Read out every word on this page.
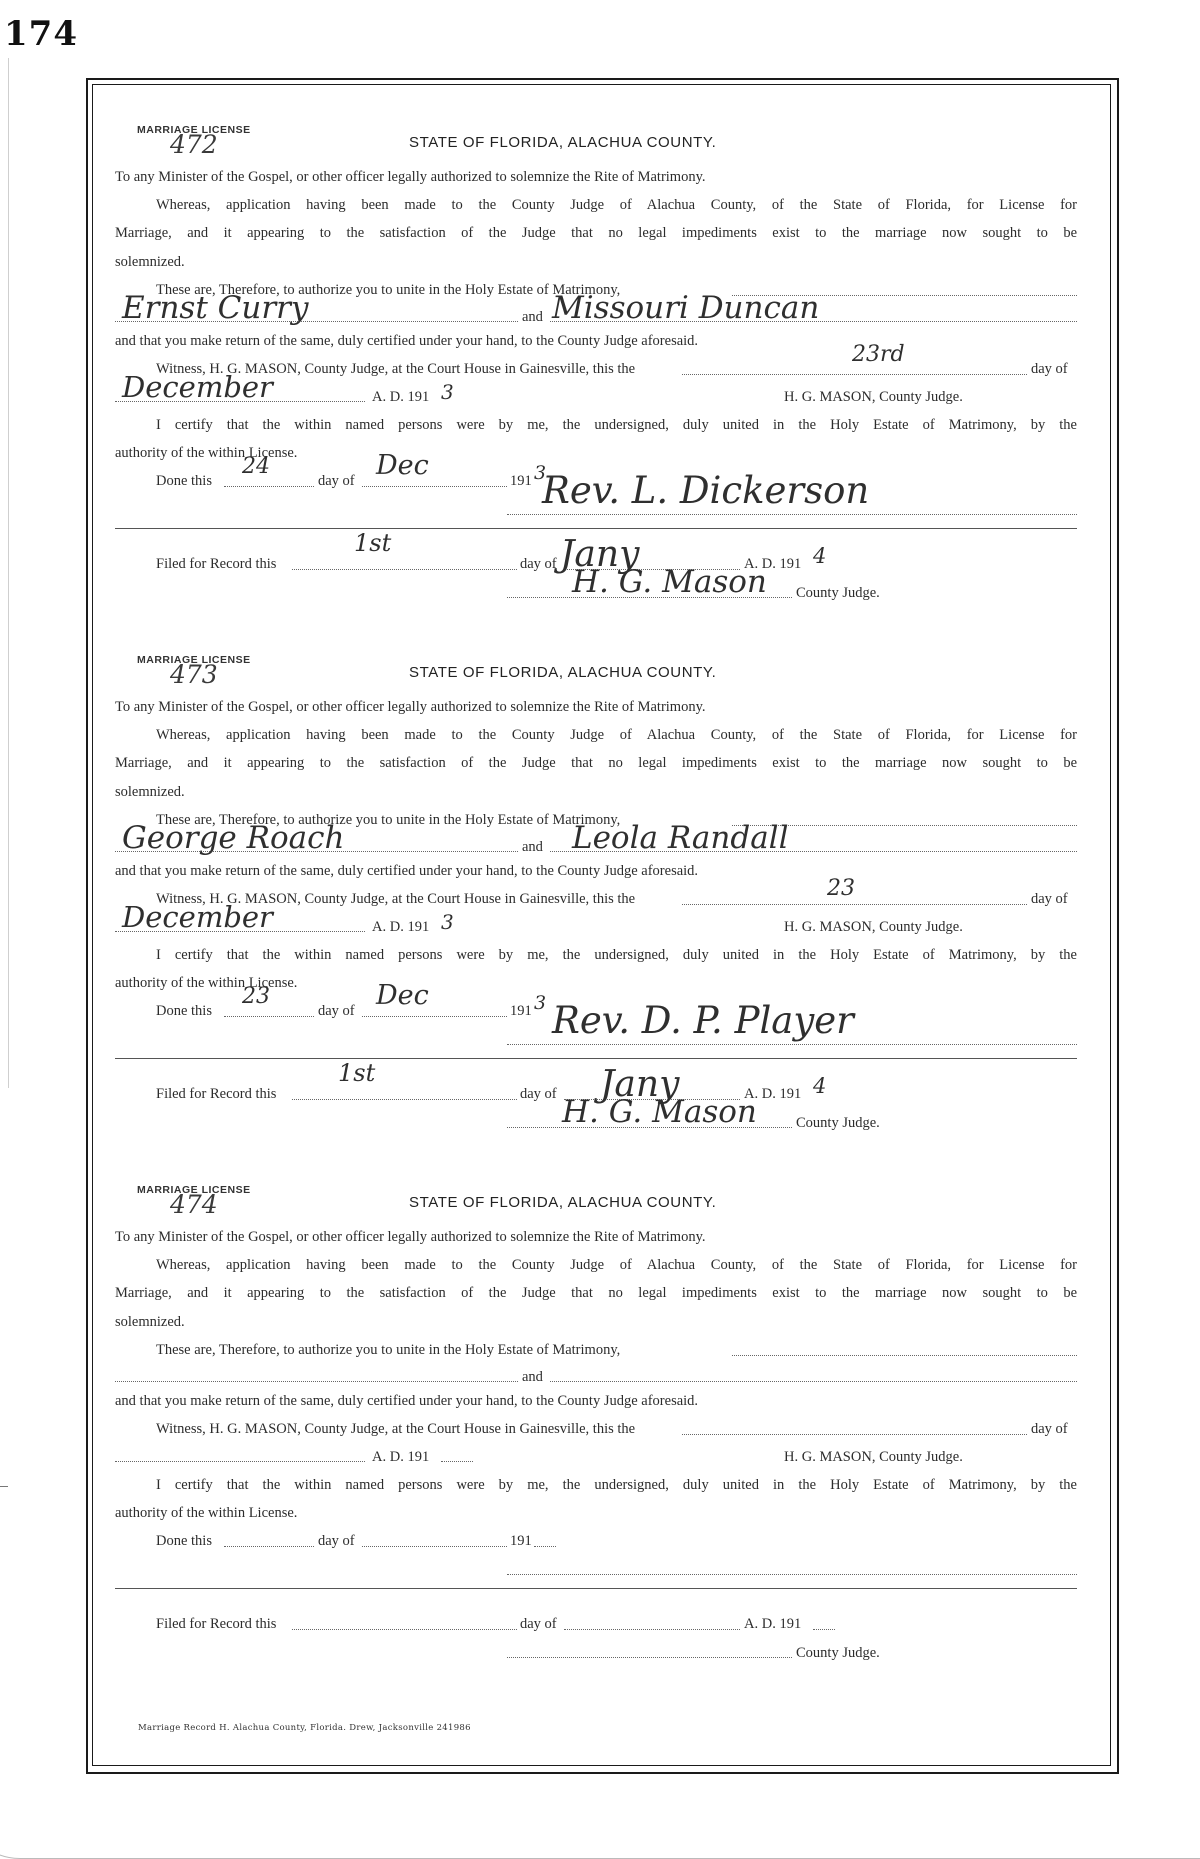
174
MARRIAGE LICENSE
472	STATE OF FLORIDA, ALACHUA COUNTY.
To any Minister of the Gospel, or other officer legally authorized to solemnize the Rite of Matrimony.
Whereas, application having been made to the County Judge of Alachua County, of the State of Florida, for License for
Marriage, and it appearing to the satisfaction of the Judge that no legal impediments exist to the marriage now sought to be
solemnized.
These are, Therefore, to authorize you to unite in the Holy Estate of Matrimony,
Ernst Curry	and Missouri Duncan
and that you make return of the same, duly certified under your hand, to the County Judge aforesaid.
Witness, H. G. MASON, County Judge, at the Court House in Gainesville, this the
23rd
day of
December	A. D. 191 3	H. G. MASON, County Judge.
I certify that the within named persons were by me, the undersigned, duly united in the Holy Estate of Matrimony, by the
authority of the within License.
Done this
24
day of Dec	191 3
Rev. L. Dickerson
Filed for Record this
1st
day of Jany	A. D. 191 4
H. G. Mason County Judge.
MARRIAGE LICENSE
473	STATE OF FLORIDA, ALACHUA COUNTY.
To any Minister of the Gospel, or other officer legally authorized to solemnize the Rite of Matrimony.
Whereas, application having been made to the County Judge of Alachua County, of the State of Florida, for License for
Marriage, and it appearing to the satisfaction of the Judge that no legal impediments exist to the marriage now sought to be
solemnized.
These are, Therefore, to authorize you to unite in the Holy Estate of Matrimony,
George Roach	and Leola Randall
and that you make return of the same, duly certified under your hand, to the County Judge aforesaid.
Witness, H. G. MASON, County Judge, at the Court House in Gainesville, this the	23	day of
December	A. D. 191 3	H. G. MASON, County Judge.
I certify that the within named persons were by me, the undersigned, duly united in the Holy Estate of Matrimony, by the
authority of the within License.
Done this
23
day of Dec	191 3 Rev. D. P. Player
Filed for Record this
1st
day of Jany	A. D. 191 4
H. G. Mason	County Judge.
MARRIAGE LICENSE
474	STATE OF FLORIDA, ALACHUA COUNTY.
To any Minister of the Gospel, or other officer legally authorized to solemnize the Rite of Matrimony.
Whereas, application having been made to the County Judge of Alachua County, of the State of Florida, for License for
Marriage, and it appearing to the satisfaction of the Judge that no legal impediments exist to the marriage now sought to be
solemnized.
These are, Therefore, to authorize you to unite in the Holy Estate of Matrimony,
and
and that you make return of the same, duly certified under your hand, to the County Judge aforesaid.
Witness, H. G. MASON, County Judge, at the Court House in Gainesville, this the	day of
A. D. 191	H. G. MASON, County Judge.
I certify that the within named persons were by me, the undersigned, duly united in the Holy Estate of Matrimony, by the
authority of the within License.
Done this	day of	191
Filed for Record this	day of	A. D. 191
County Judge.
Marriage Record H. Alachua County, Florida. Drew, Jacksonville 241986
